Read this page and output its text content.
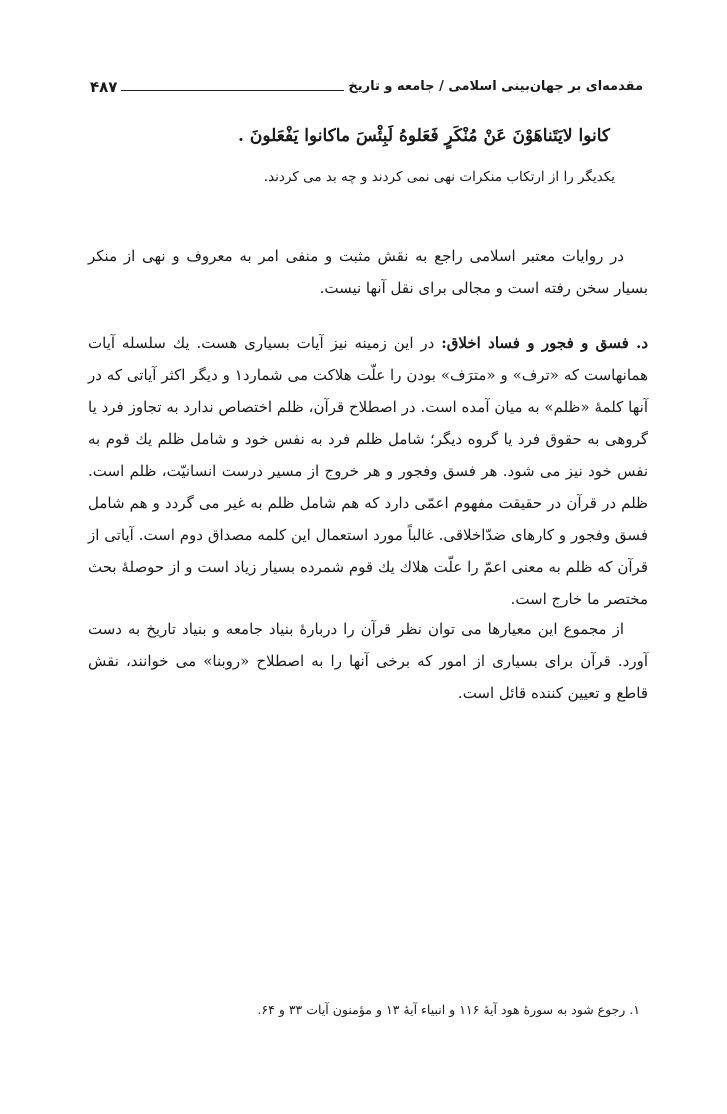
مقدمه‌ای بر جهان‌بینی اسلامی / جامعه و تاریخ
۴۸۷
کانوا لایَتَناهَوْنَ عَنْ مُنْکَرٍ فَعَلوهُ لَبِئْسَ ماکانوا یَفْعَلونَ .
یکدیگر را از ارتکاب منکرات نهی نمی کردند و چه بد می کردند.

در روایات معتبر اسلامی راجع به نقش مثبت و منفی امر به معروف و نهی از منکر بسیار سخن رفته است و مجالی برای نقل آنها نیست.

د. فسق و فجور و فساد اخلاق: در این زمینه نیز آیات بسیاری هست. یك سلسله آیات همانهاست که «ترف» و «مترَف» بودن را علّت هلاکت می شمارد۱ و دیگر اکثر آیاتی که در آنها کلمهٔ «ظلم» به میان آمده است. در اصطلاح قرآن، ظلم اختصاص ندارد به تجاوز فرد یا گروهی به حقوق فرد یا گروه دیگر؛ شامل ظلم فرد به نفس خود و شامل ظلم یك قوم به نفس خود نیز می شود. هر فسق وفجور و هر خروج از مسیر درست انسانیّت، ظلم است. ظلم در قرآن در حقیقت مفهوم اعمّی دارد که هم شامل ظلم به غیر می گردد و هم شامل فسق وفجور و کارهای ضدّاخلاقی. غالباً مورد استعمال این کلمه مصداق دوم است. آیاتی از قرآن که ظلم به معنی اعمّ را علّت هلاك یك قوم شمرده بسیار زیاد است و از حوصلهٔ بحث مختصر ما خارج است.

از مجموع این معیارها می توان نظر قرآن را دربارهٔ بنیاد جامعه و بنیاد تاریخ به دست آورد. قرآن برای بسیاری از امور که برخی آنها را به اصطلاح «روبنا» می خوانند، نقش قاطع و تعیین کننده قائل است.

۱. رجوع شود به سورهٔ هود آیهٔ ۱۱۶ و انبیاء آیهٔ ۱۳ و مؤمنون آیات ۳۳ و ۶۴.
